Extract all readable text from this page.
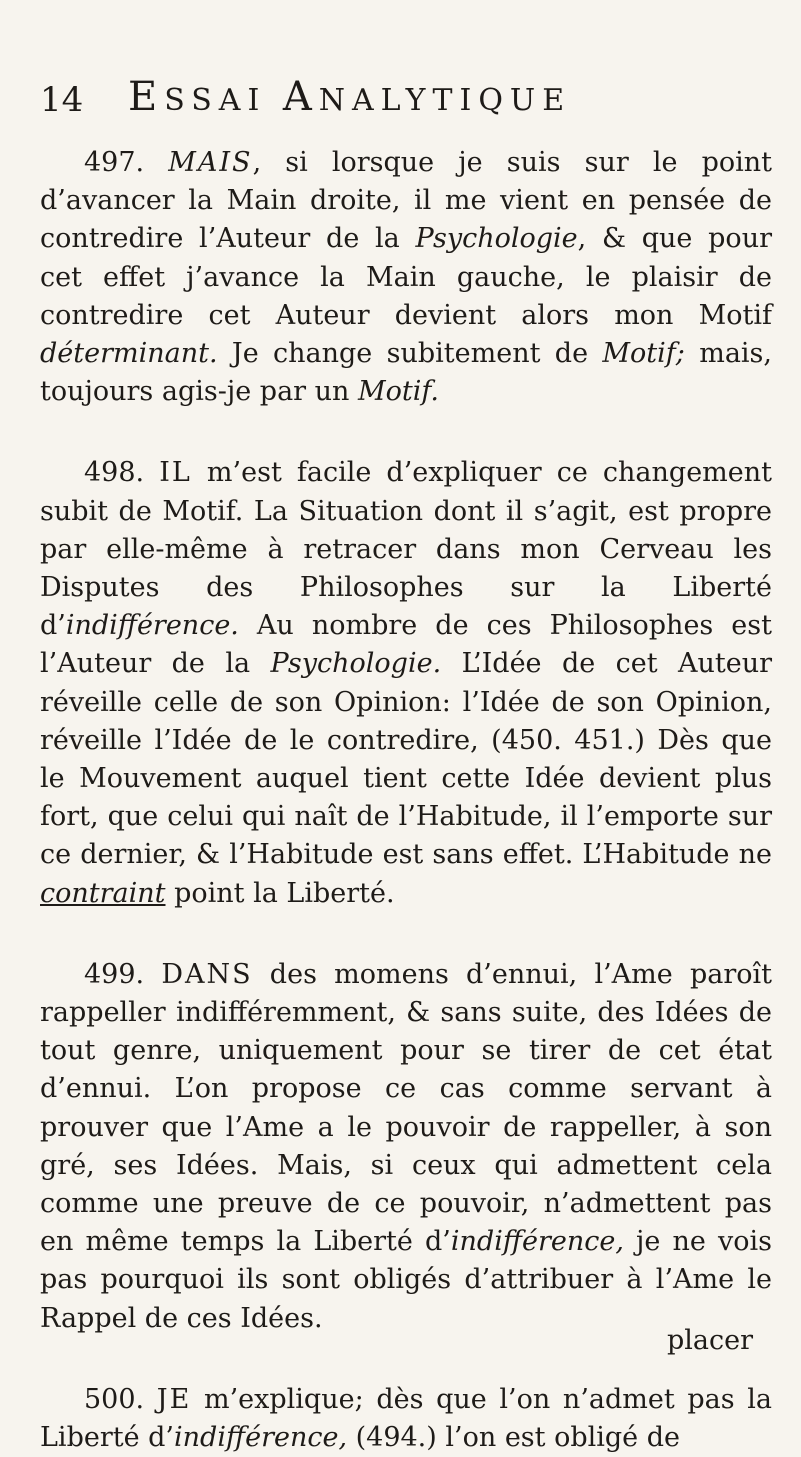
14 ESSAI ANALYTIQUE

497. MAIS, si lorsque je suis sur le point d’avancer la Main droite, il me vient en pensée de contredire l’Auteur de la Psychologie, & que pour cet effet j’avance la Main gauche, le plaisir de contredire cet Auteur devient alors mon Motif déterminant. Je change subitement de Motif; mais, toujours agis-je par un Motif.

498. IL m’est facile d’expliquer ce changement subit de Motif. La Situation dont il s’agit, est propre par elle-même à retracer dans mon Cerveau les Disputes des Philosophes sur la Liberté d’indifférence. Au nombre de ces Philosophes est l’Auteur de la Psychologie. L’Idée de cet Auteur réveille celle de son Opinion: l’Idée de son Opinion, réveille l’Idée de le contredire, (450. 451.) Dès que le Mouvement auquel tient cette Idée devient plus fort, que celui qui naît de l’Habitude, il l’emporte sur ce dernier, & l’Habitude est sans effet. L’Habitude ne contraint point la Liberté.

499. DANS des momens d’ennui, l’Ame paroît rappeller indifféremment, & sans suite, des Idées de tout genre, uniquement pour se tirer de cet état d’ennui. L’on propose ce cas comme servant à prouver que l’Ame a le pouvoir de rappeller, à son gré, ses Idées. Mais, si ceux qui admettent cela comme une preuve de ce pouvoir, n’admettent pas en même temps la Liberté d’indifférence, je ne vois pas pourquoi ils sont obligés d’attribuer à l’Ame le Rappel de ces Idées.

500. JE m’explique; dès que l’on n’admet pas la Liberté d’indifférence, (494.) l’on est obligé de

placer
